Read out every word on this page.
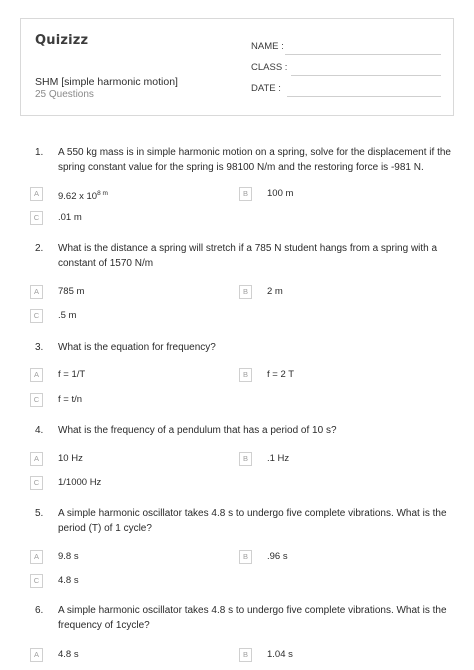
Quizizz
SHM [simple harmonic motion]
25 Questions
NAME :
CLASS :
DATE :
1.	A 550 kg mass is in simple harmonic motion on a spring, solve for the displacement if the spring constant value for the spring is 98100 N/m and the restoring force is -981 N.
A	9.62 x $10^{8 m}$	B	100 m
C	.01 m
2.	What is the distance a spring will stretch if a 785 N student hangs from a spring with a constant of 1570 N/m
A	785 m	B	2 m
C	.5 m
3.	What is the equation for frequency?
A	f = 1/T	B	f = 2 T
C	f = t/n
4.	What is the frequency of a pendulum that has a period of 10 s?
A	10 Hz	B	.1 Hz
C	1/1000 Hz
5.	A simple harmonic oscillator takes 4.8 s to undergo five complete vibrations. What is the period (T) of 1 cycle?
A	9.8 s	B	.96 s
C	4.8 s
6.	A simple harmonic oscillator takes 4.8 s to undergo five complete vibrations. What is the frequency of 1cycle?
A	4.8 s	B	1.04 s
